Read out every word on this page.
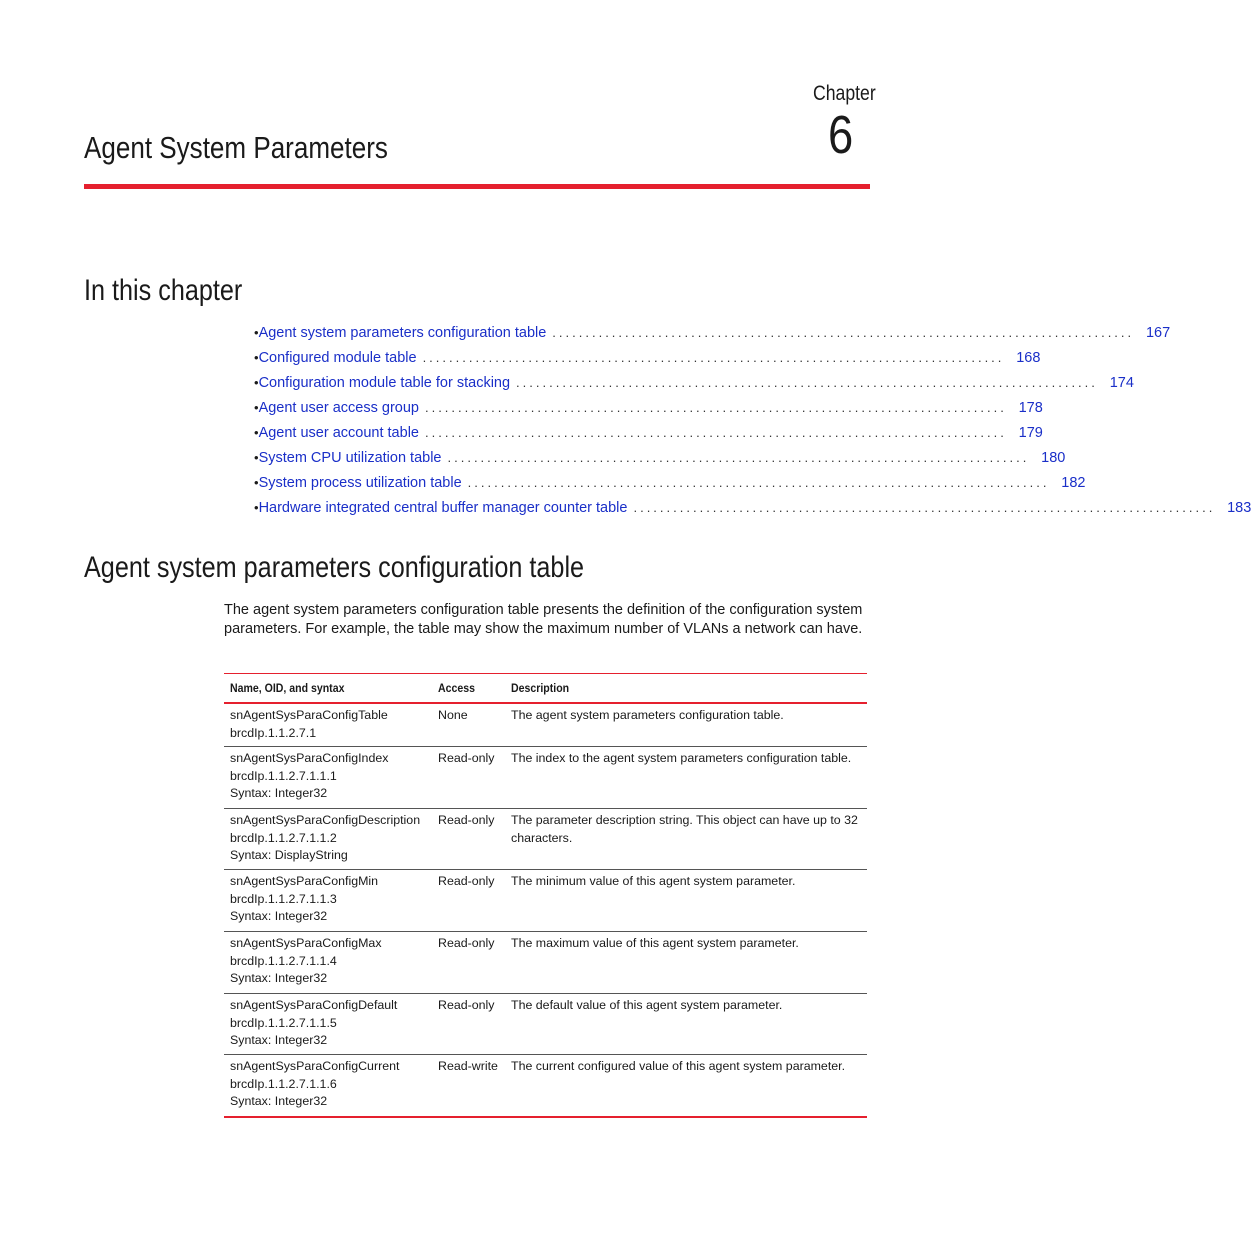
Chapter
6
Agent System Parameters
In this chapter
• Agent system parameters configuration table ........................................................................................ 167
• Configured module table ........................................................................................ 168
• Configuration module table for stacking ........................................................................................ 174
• Agent user access group ........................................................................................ 178
• Agent user account table ........................................................................................ 179
• System CPU utilization table ........................................................................................ 180
• System process utilization table ........................................................................................ 182
• Hardware integrated central buffer manager counter table ........................................................................................ 183
Agent system parameters configuration table

The agent system parameters configuration table presents the definition of the configuration system parameters. For example, the table may show the maximum number of VLANs a network can have.

Name, OID, and syntax	Access	Description

snAgentSysParaConfigTable
brcdIp.1.1.2.7.1	None	The agent system parameters configuration table.

snAgentSysParaConfigIndex
brcdIp.1.1.2.7.1.1.1
Syntax: Integer32	Read-only	The index to the agent system parameters configuration table.

snAgentSysParaConfigDescription
brcdIp.1.1.2.7.1.1.2
Syntax: DisplayString	Read-only	The parameter description string. This object can have up to 32 characters.

snAgentSysParaConfigMin
brcdIp.1.1.2.7.1.1.3
Syntax: Integer32	Read-only	The minimum value of this agent system parameter.

snAgentSysParaConfigMax
brcdIp.1.1.2.7.1.1.4
Syntax: Integer32	Read-only	The maximum value of this agent system parameter.

snAgentSysParaConfigDefault
brcdIp.1.1.2.7.1.1.5
Syntax: Integer32	Read-only	The default value of this agent system parameter.

snAgentSysParaConfigCurrent
brcdIp.1.1.2.7.1.1.6
Syntax: Integer32	Read-write	The current configured value of this agent system parameter.
